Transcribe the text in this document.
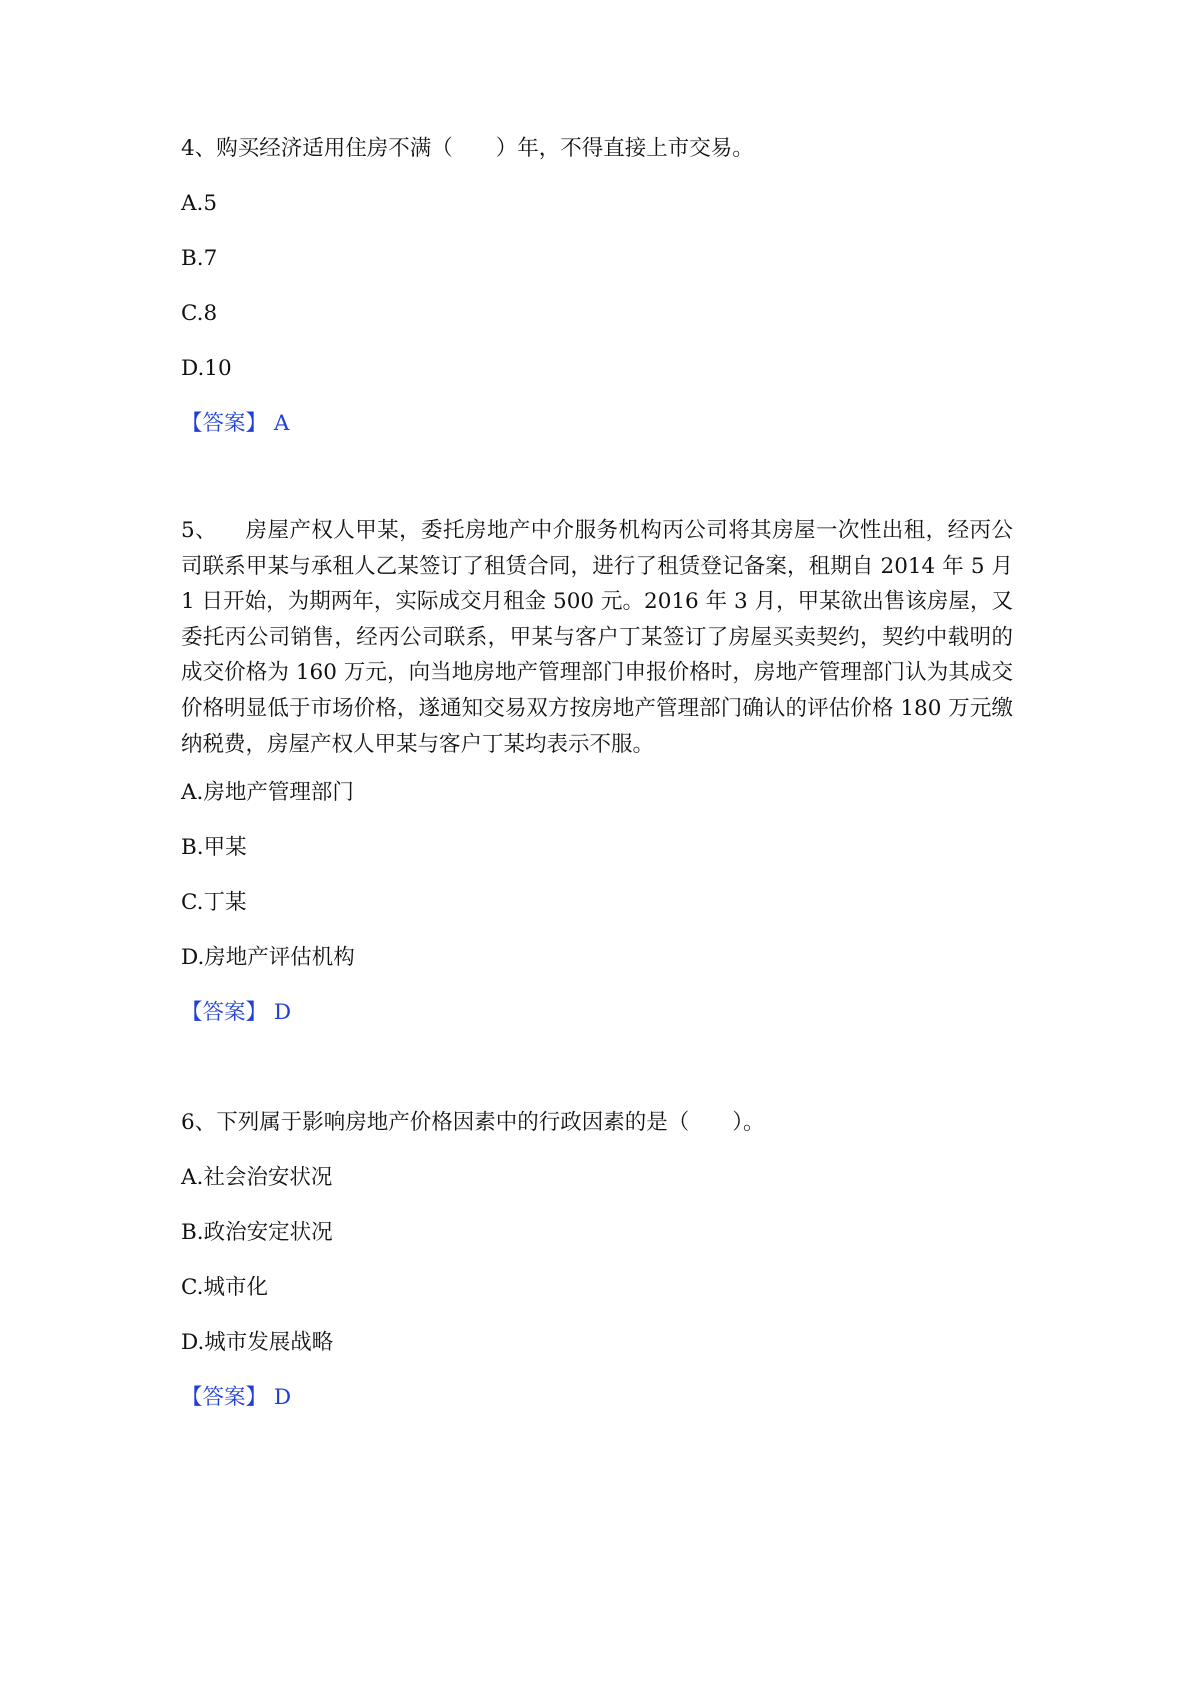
4、购买经济适用住房不满（　　）年，不得直接上市交易。
A.5
B.7
C.8
D.10
【答案】 A
5、 房屋产权人甲某，委托房地产中介服务机构丙公司将其房屋一次性出租，经丙公司联系甲某与承租人乙某签订了租赁合同，进行了租赁登记备案，租期自 2014 年 5 月 1 日开始，为期两年，实际成交月租金 500 元。2016 年 3 月，甲某欲出售该房屋，又委托丙公司销售，经丙公司联系，甲某与客户丁某签订了房屋买卖契约，契约中载明的成交价格为 160 万元，向当地房地产管理部门申报价格时，房地产管理部门认为其成交价格明显低于市场价格，遂通知交易双方按房地产管理部门确认的评估价格 180 万元缴纳税费，房屋产权人甲某与客户丁某均表示不服。
A.房地产管理部门
B.甲某
C.丁某
D.房地产评估机构
【答案】 D
6、下列属于影响房地产价格因素中的行政因素的是（　　）。
A.社会治安状况
B.政治安定状况
C.城市化
D.城市发展战略
【答案】 D
